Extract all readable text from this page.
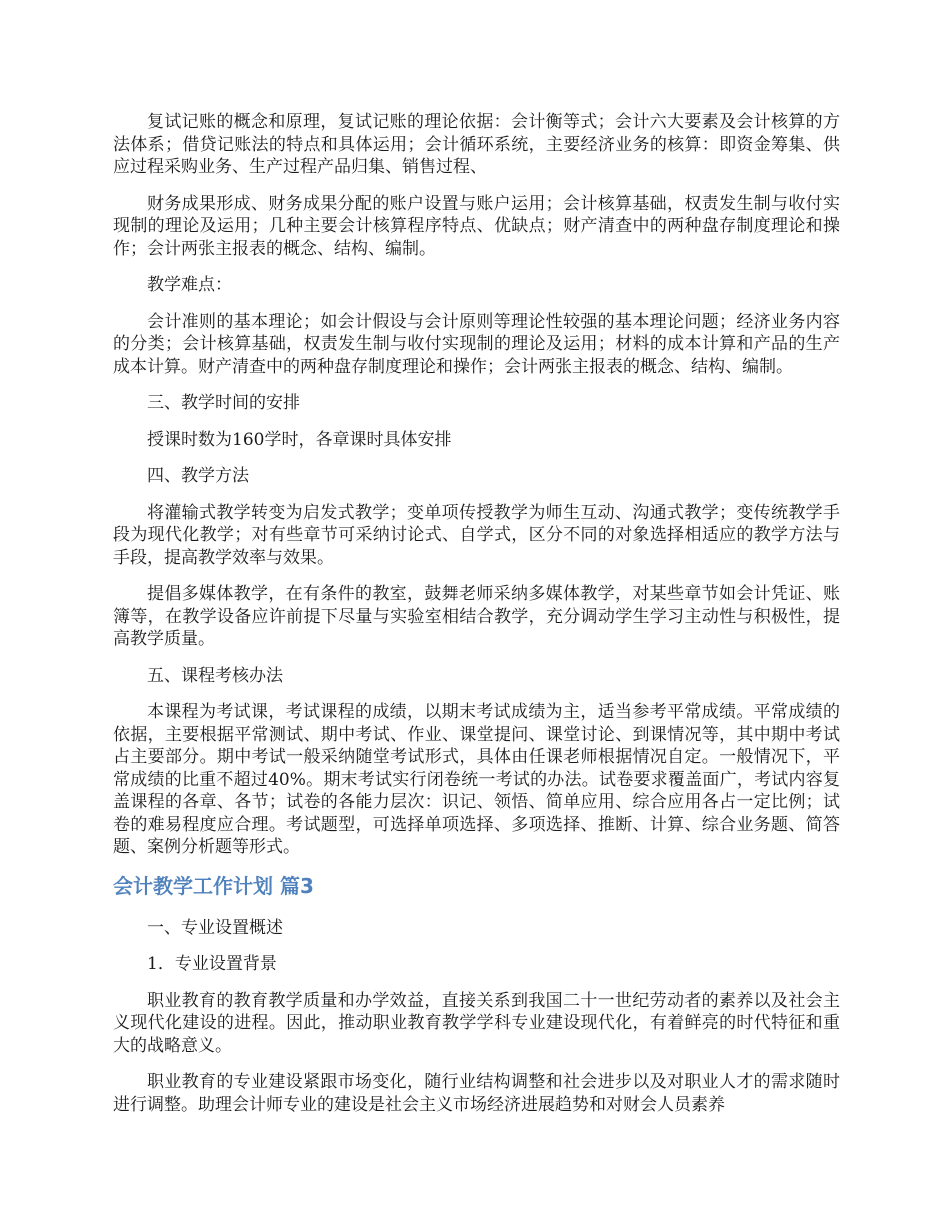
复试记账的概念和原理，复试记账的理论依据：会计衡等式；会计六大要素及会计核算的方法体系；借贷记账法的特点和具体运用；会计循环系统，主要经济业务的核算：即资金筹集、供应过程采购业务、生产过程产品归集、销售过程、

财务成果形成、财务成果分配的账户设置与账户运用；会计核算基础，权责发生制与收付实现制的理论及运用；几种主要会计核算程序特点、优缺点；财产清查中的两种盘存制度理论和操作；会计两张主报表的概念、结构、编制。

教学难点：

会计准则的基本理论；如会计假设与会计原则等理论性较强的基本理论问题；经济业务内容的分类；会计核算基础，权责发生制与收付实现制的理论及运用；材料的成本计算和产品的生产成本计算。财产清查中的两种盘存制度理论和操作；会计两张主报表的概念、结构、编制。

三、教学时间的安排

授课时数为160学时，各章课时具体安排

四、教学方法

将灌输式教学转变为启发式教学；变单项传授教学为师生互动、沟通式教学；变传统教学手段为现代化教学；对有些章节可采纳讨论式、自学式，区分不同的对象选择相适应的教学方法与手段，提高教学效率与效果。

提倡多媒体教学，在有条件的教室，鼓舞老师采纳多媒体教学，对某些章节如会计凭证、账簿等，在教学设备应许前提下尽量与实验室相结合教学，充分调动学生学习主动性与积极性，提高教学质量。

五、课程考核办法

本课程为考试课，考试课程的成绩，以期末考试成绩为主，适当参考平常成绩。平常成绩的依据，主要根据平常测试、期中考试、作业、课堂提问、课堂讨论、到课情况等，其中期中考试占主要部分。期中考试一般采纳随堂考试形式，具体由任课老师根据情况自定。一般情况下，平常成绩的比重不超过40%。期末考试实行闭卷统一考试的办法。试卷要求覆盖面广，考试内容复盖课程的各章、各节；试卷的各能力层次：识记、领悟、简单应用、综合应用各占一定比例；试卷的难易程度应合理。考试题型，可选择单项选择、多项选择、推断、计算、综合业务题、简答题、案例分析题等形式。

会计教学工作计划 篇3

一、专业设置概述

1．专业设置背景

职业教育的教育教学质量和办学效益，直接关系到我国二十一世纪劳动者的素养以及社会主义现代化建设的进程。因此，推动职业教育教学学科专业建设现代化，有着鲜亮的时代特征和重大的战略意义。

职业教育的专业建设紧跟市场变化，随行业结构调整和社会进步以及对职业人才的需求随时进行调整。助理会计师专业的建设是社会主义市场经济进展趋势和对财会人员素养
